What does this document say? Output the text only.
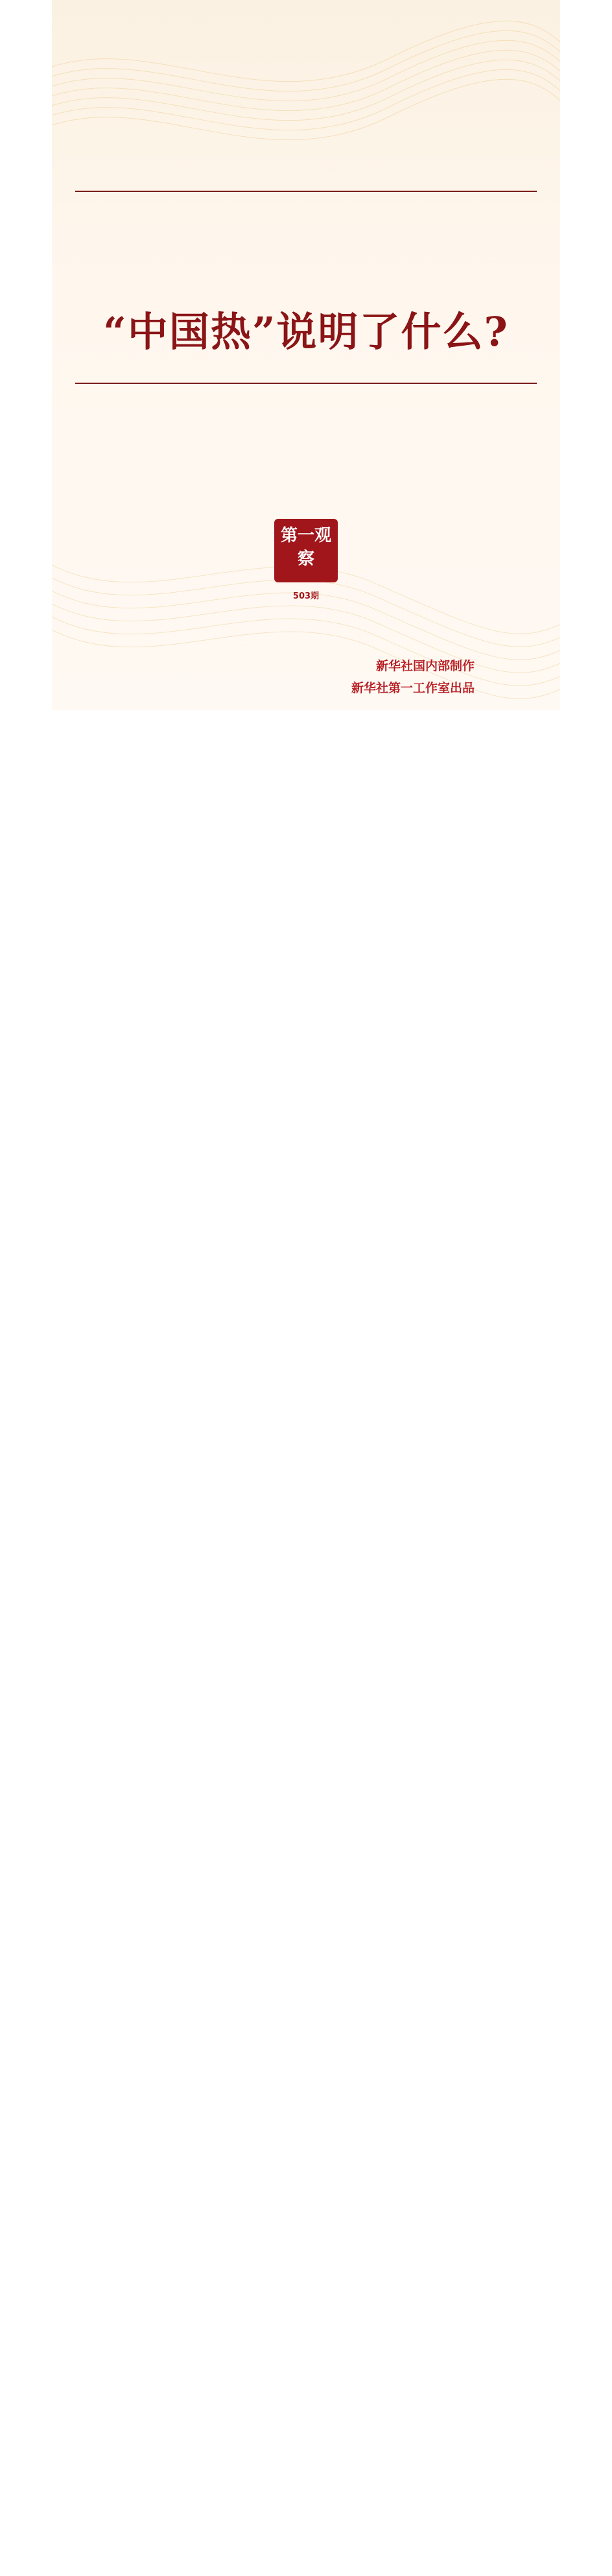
“中国热”说明了什么?
第一观察
503期
新华社国内部制作
新华社第一工作室出品
